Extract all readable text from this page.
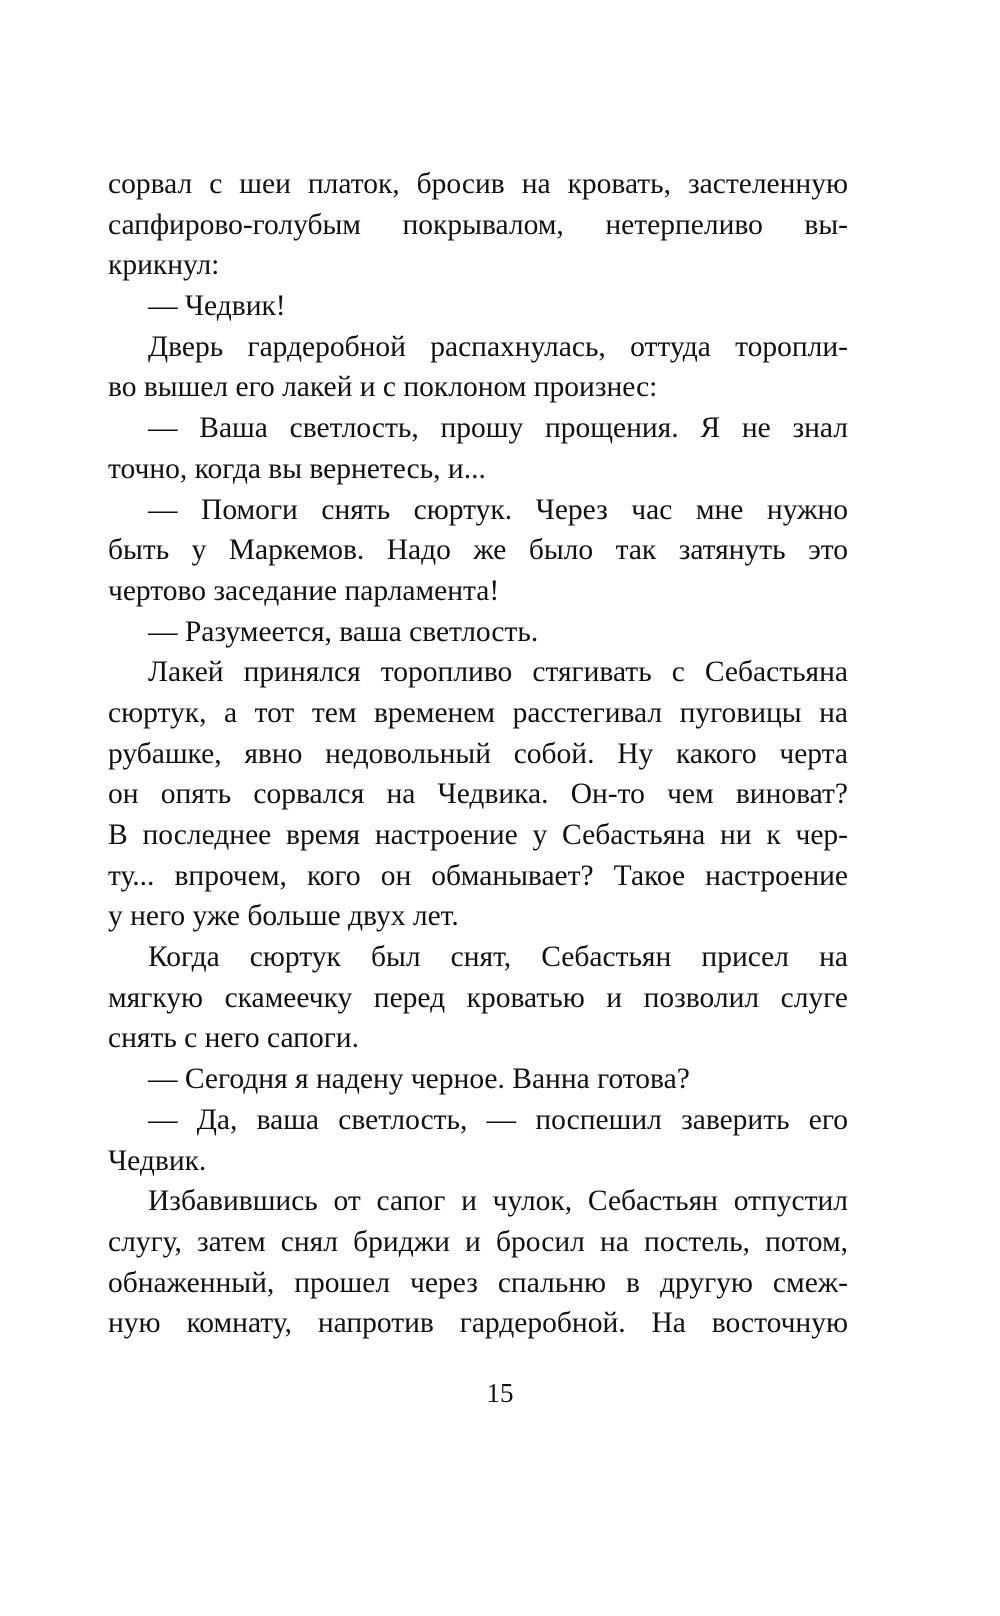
сорвал с шеи платок, бросив на кровать, застеленную
сапфирово-голубым покрывалом, нетерпеливо вы-
крикнул:
— Чедвик!
Дверь гардеробной распахнулась, оттуда торопли-
во вышел его лакей и с поклоном произнес:
— Ваша светлость, прошу прощения. Я не знал
точно, когда вы вернетесь, и...
— Помоги снять сюртук. Через час мне нужно
быть у Маркемов. Надо же было так затянуть это
чертово заседание парламента!
— Разумеется, ваша светлость.
Лакей принялся торопливо стягивать с Себастьяна
сюртук, а тот тем временем расстегивал пуговицы на
рубашке, явно недовольный собой. Ну какого черта
он опять сорвался на Чедвика. Он-то чем виноват?
В последнее время настроение у Себастьяна ни к чер-
ту... впрочем, кого он обманывает? Такое настроение
у него уже больше двух лет.
Когда сюртук был снят, Себастьян присел на
мягкую скамеечку перед кроватью и позволил слуге
снять с него сапоги.
— Сегодня я надену черное. Ванна готова?
— Да, ваша светлость, — поспешил заверить его
Чедвик.
Избавившись от сапог и чулок, Себастьян отпустил
слугу, затем снял бриджи и бросил на постель, потом,
обнаженный, прошел через спальню в другую смеж-
ную комнату, напротив гардеробной. На восточную
15
